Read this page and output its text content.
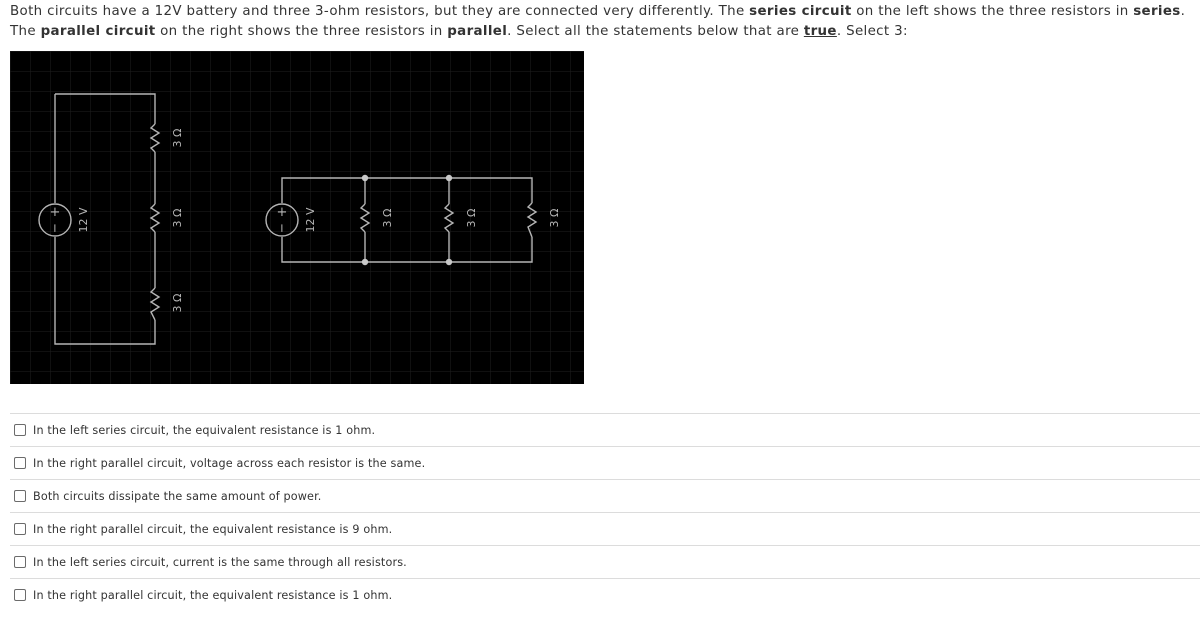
Both circuits have a 12V battery and three 3-ohm resistors, but they are connected very differently. The series circuit on the left shows the three resistors in series. The parallel circuit on the right shows the three resistors in parallel. Select all the statements below that are true. Select 3:
+
− 12 V
3 Ω
3 Ω
3 Ω
+
− 12 V	3 Ω	3 Ω	3 Ω
In the left series circuit, the equivalent resistance is 1 ohm.
In the right parallel circuit, voltage across each resistor is the same.
Both circuits dissipate the same amount of power.
In the right parallel circuit, the equivalent resistance is 9 ohm.
In the left series circuit, current is the same through all resistors.
In the right parallel circuit, the equivalent resistance is 1 ohm.
